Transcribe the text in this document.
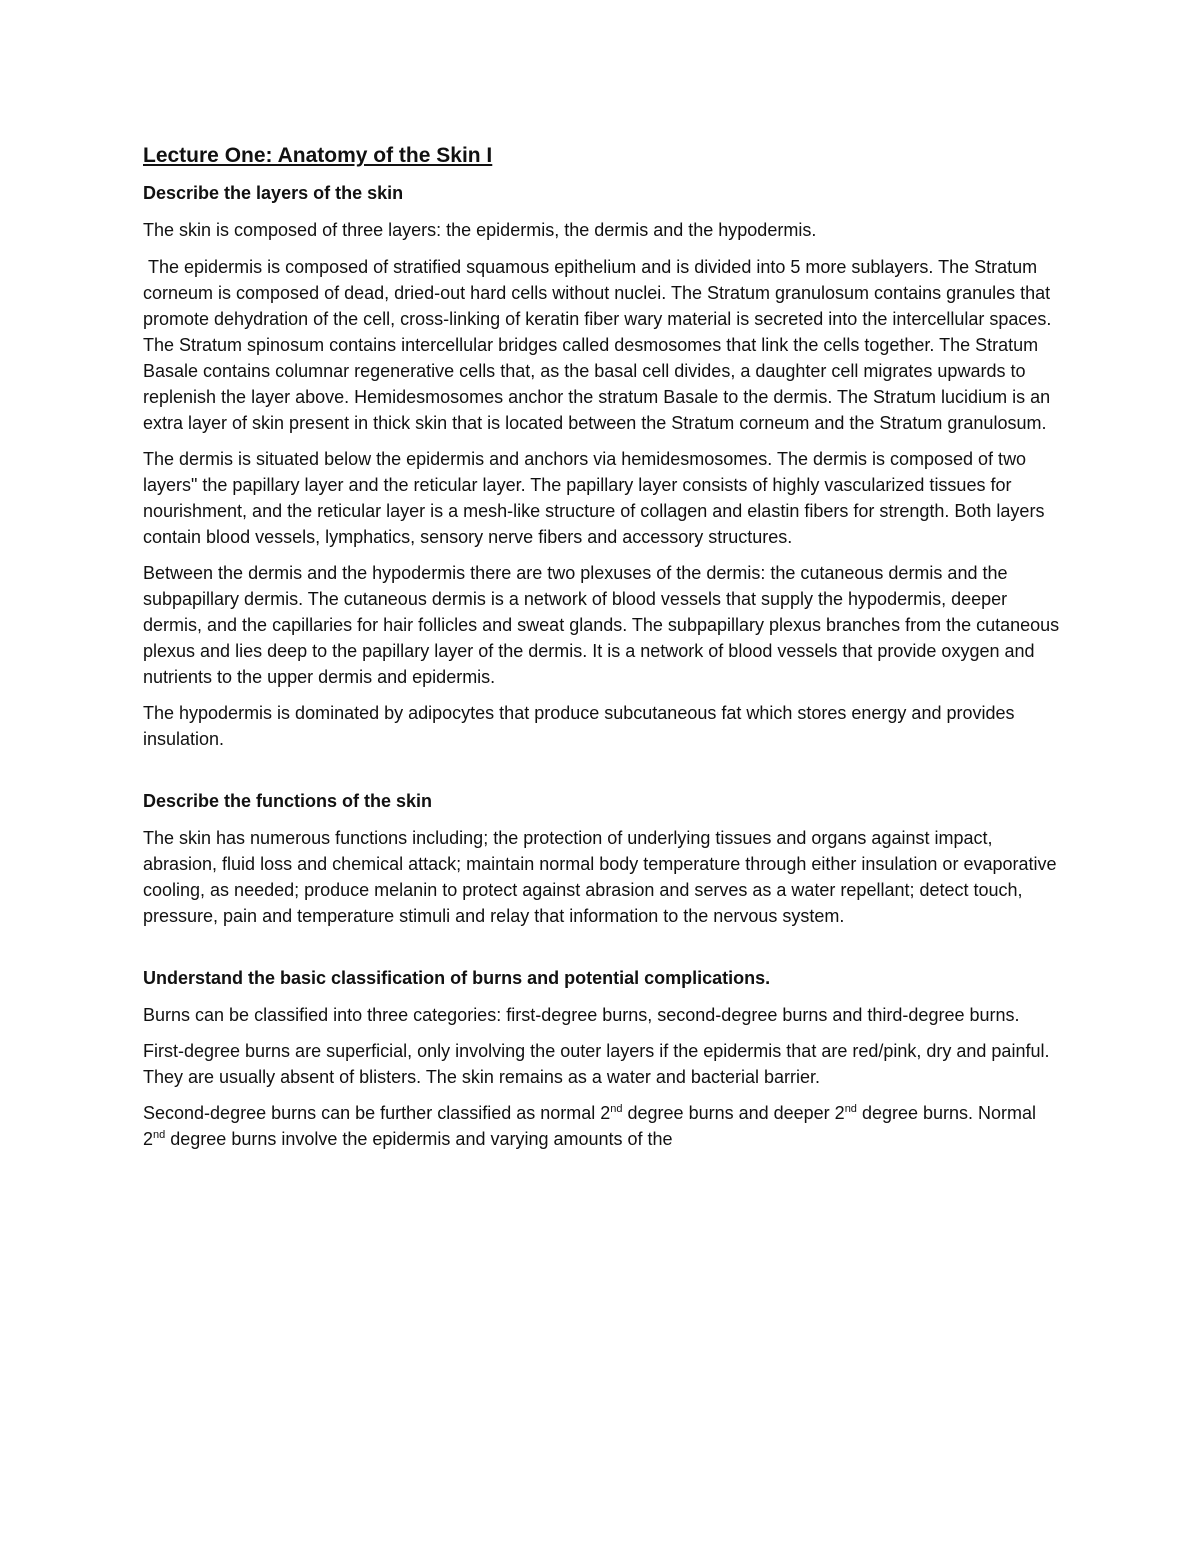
Lecture One: Anatomy of the Skin I
Describe the layers of the skin

The skin is composed of three layers: the epidermis, the dermis and the hypodermis.

The epidermis is composed of stratified squamous epithelium and is divided into 5 more sublayers. The Stratum corneum is composed of dead, dried-out hard cells without nuclei. The Stratum granulosum contains granules that promote dehydration of the cell, cross-linking of keratin fiber wary material is secreted into the intercellular spaces. The Stratum spinosum contains intercellular bridges called desmosomes that link the cells together. The Stratum Basale contains columnar regenerative cells that, as the basal cell divides, a daughter cell migrates upwards to replenish the layer above. Hemidesmosomes anchor the stratum Basale to the dermis. The Stratum lucidium is an extra layer of skin present in thick skin that is located between the Stratum corneum and the Stratum granulosum.

The dermis is situated below the epidermis and anchors via hemidesmosomes. The dermis is composed of two layers" the papillary layer and the reticular layer. The papillary layer consists of highly vascularized tissues for nourishment, and the reticular layer is a mesh-like structure of collagen and elastin fibers for strength. Both layers contain blood vessels, lymphatics, sensory nerve fibers and accessory structures.

Between the dermis and the hypodermis there are two plexuses of the dermis: the cutaneous dermis and the subpapillary dermis. The cutaneous dermis is a network of blood vessels that supply the hypodermis, deeper dermis, and the capillaries for hair follicles and sweat glands. The subpapillary plexus branches from the cutaneous plexus and lies deep to the papillary layer of the dermis. It is a network of blood vessels that provide oxygen and nutrients to the upper dermis and epidermis.

The hypodermis is dominated by adipocytes that produce subcutaneous fat which stores energy and provides insulation.

Describe the functions of the skin

The skin has numerous functions including; the protection of underlying tissues and organs against impact, abrasion, fluid loss and chemical attack; maintain normal body temperature through either insulation or evaporative cooling, as needed; produce melanin to protect against abrasion and serves as a water repellant; detect touch, pressure, pain and temperature stimuli and relay that information to the nervous system.

Understand the basic classification of burns and potential complications.

Burns can be classified into three categories: first-degree burns, second-degree burns and third-degree burns.

First-degree burns are superficial, only involving the outer layers if the epidermis that are red/pink, dry and painful. They are usually absent of blisters. The skin remains as a water and bacterial barrier.

Second-degree burns can be further classified as normal 2nd degree burns and deeper 2nd degree burns. Normal 2nd degree burns involve the epidermis and varying amounts of the
